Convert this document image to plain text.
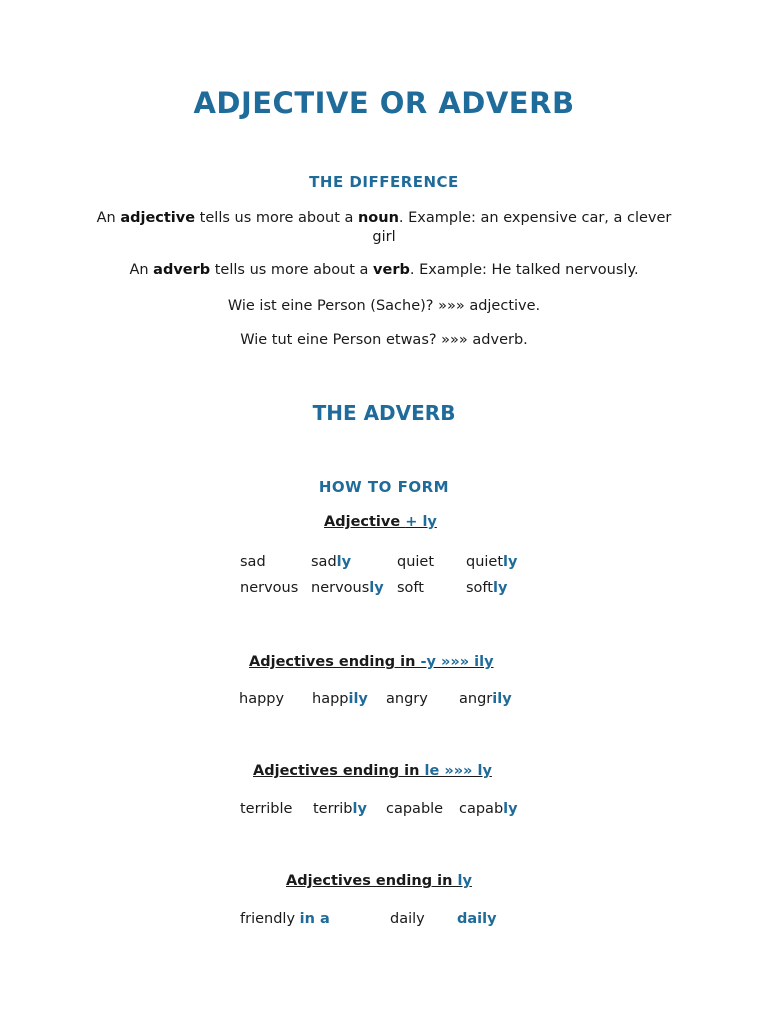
ADJECTIVE OR ADVERB
THE DIFFERENCE
An adjective tells us more about a noun. Example: an expensive car, a clever girl
An adverb tells us more about a verb. Example: He talked nervously.
Wie ist eine Person (Sache)? »»» adjective.
Wie tut eine Person etwas? »»» adverb.
THE ADVERB
HOW TO FORM
Adjective + ly
sad	sadly	quiet quietly
nervous nervously soft	softly
Adjectives ending in -y »»» ily
happy happily angry angrily
Adjectives ending in le »»» ly
terrible terribly capable capably
Adjectives ending in ly
friendly in a	daily daily
